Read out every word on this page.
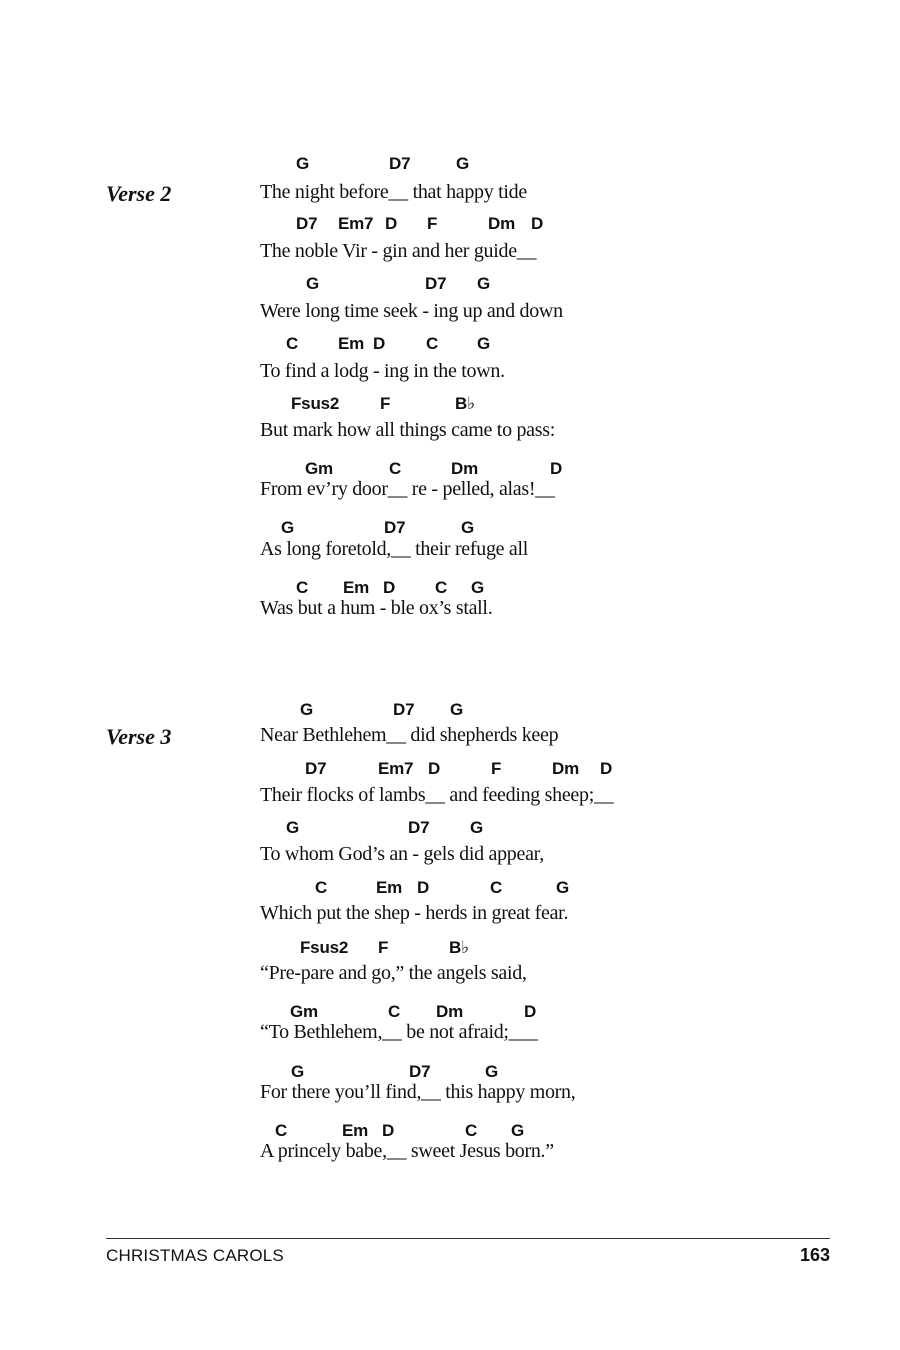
Verse 2
G	D7	G
The night before__ that happy tide
D7 Em7 D F	Dm D
The noble Vir - gin and her guide__
G	D7 G
Were long time seek - ing up and down
C Em D C G
To find a lodg - ing in the town.
Fsus2 F	B♭
But mark how all things came to pass:
Gm	C	Dm	D
From ev’ry door__ re - pelled, alas!__
G	D7	G
As long foretold,__ their refuge all
C Em D C G
Was but a hum - ble ox’s stall.
Verse 3
G	D7 G
Near Bethlehem__ did shepherds keep
D7	Em7 D	F	Dm D
Their flocks of lambs__ and feeding sheep;__
G	D7 G
To whom God’s an - gels did appear,
C	Em D	C	G
Which put the shep - herds in great fear.
Fsus2 F	B♭
“Pre-pare and go,” the angels said,
Gm	C Dm	D
“To Bethlehem,__ be not afraid;___
G	D7	G
For there you’ll find,__ this happy morn,
C	Em D	C G
A princely babe,__ sweet Jesus born.”
CHRISTMAS CAROLS	163
